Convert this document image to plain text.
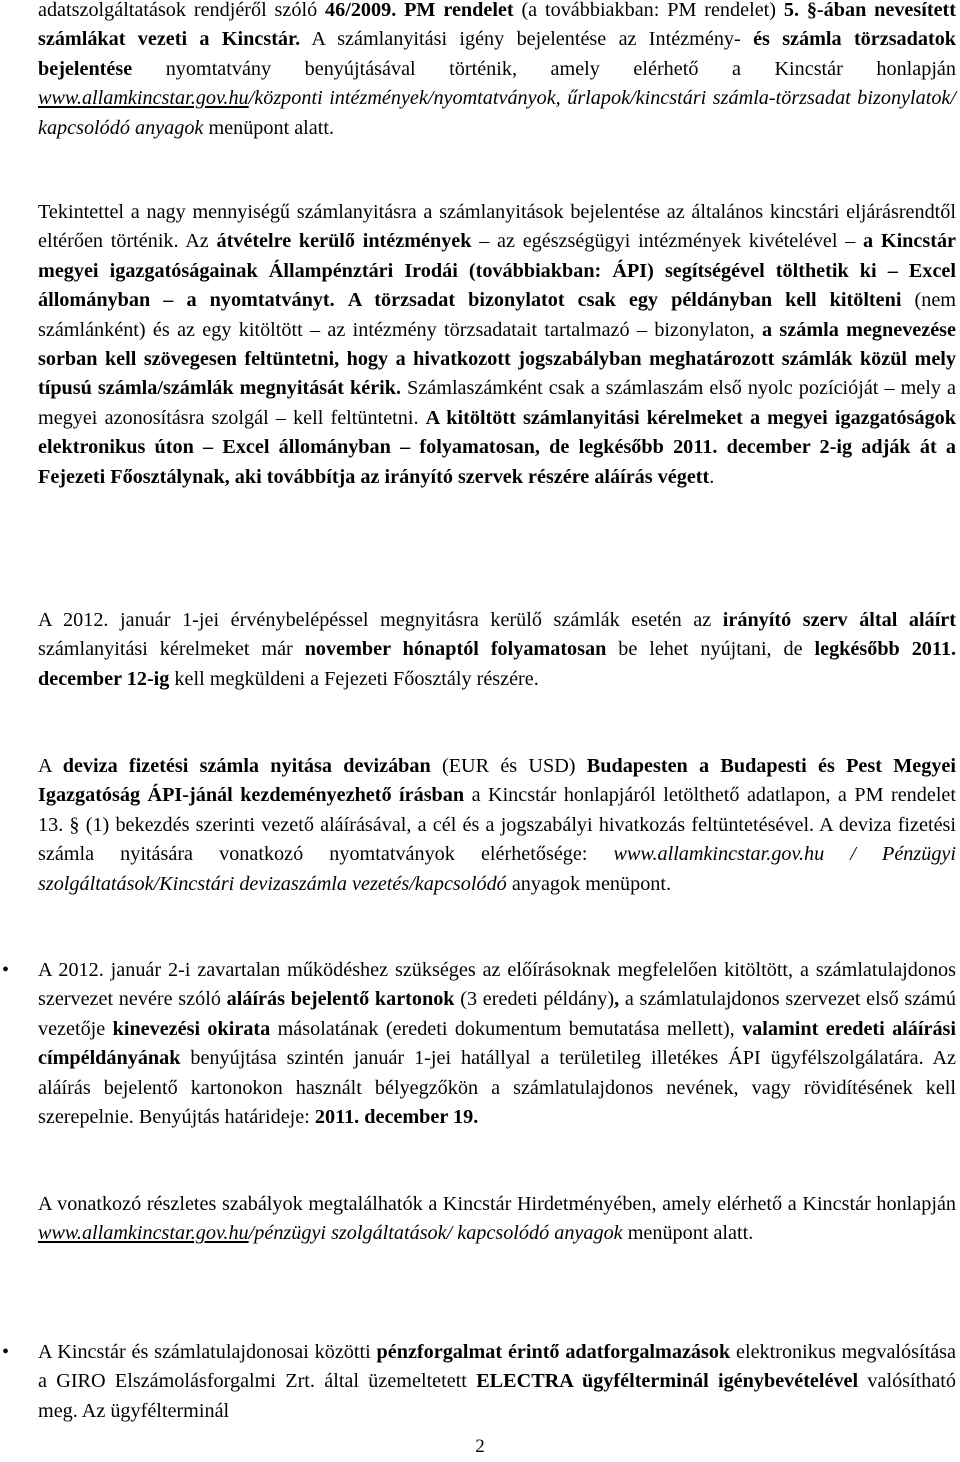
adatszolgáltatások rendjéről szóló 46/2009. PM rendelet (a továbbiakban: PM rendelet) 5. §-ában nevesített számlákat vezeti a Kincstár. A számlanyitási igény bejelentése az Intézmény- és számla törzsadatok bejelentése nyomtatvány benyújtásával történik, amely elérhető a Kincstár honlapján www.allamkincstar.gov.hu/központi intézmények/nyomtatványok, űrlapok/kincstári számla-törzsadat bizonylatok/ kapcsolódó anyagok menüpont alatt.

Tekintettel a nagy mennyiségű számlanyitásra a számlanyitások bejelentése az általános kincstári eljárásrendtől eltérően történik. Az átvételre kerülő intézmények – az egészségügyi intézmények kivételével – a Kincstár megyei igazgatóságainak Állampénztári Irodái (továbbiakban: ÁPI) segítségével tölthetik ki – Excel állományban – a nyomtatványt. A törzsadat bizonylatot csak egy példányban kell kitölteni (nem számlánként) és az egy kitöltött – az intézmény törzsadatait tartalmazó – bizonylaton, a számla megnevezése sorban kell szövegesen feltüntetni, hogy a hivatkozott jogszabályban meghatározott számlák közül mely típusú számla/számlák megnyitását kérik. Számlaszámként csak a számlaszám első nyolc pozícióját – mely a megyei azonosításra szolgál – kell feltüntetni. A kitöltött számlanyitási kérelmeket a megyei igazgatóságok elektronikus úton – Excel állományban – folyamatosan, de legkésőbb 2011. december 2-ig adják át a Fejezeti Főosztálynak, aki továbbítja az irányító szervek részére aláírás végett.

A 2012. január 1-jei érvénybelépéssel megnyitásra kerülő számlák esetén az irányító szerv által aláírt számlanyitási kérelmeket már november hónaptól folyamatosan be lehet nyújtani, de legkésőbb 2011. december 12-ig kell megküldeni a Fejezeti Főosztály részére.

A deviza fizetési számla nyitása devizában (EUR és USD) Budapesten a Budapesti és Pest Megyei Igazgatóság ÁPI-jánál kezdeményezhető írásban a Kincstár honlapjáról letölthető adatlapon, a PM rendelet 13. § (1) bekezdés szerinti vezető aláírásával, a cél és a jogszabályi hivatkozás feltüntetésével. A deviza fizetési számla nyitására vonatkozó nyomtatványok elérhetősége: www.allamkincstar.gov.hu / Pénzügyi szolgáltatások/Kincstári devizaszámla vezetés/kapcsolódó anyagok menüpont.

• A 2012. január 2-i zavartalan működéshez szükséges az előírásoknak megfelelően kitöltött, a számlatulajdonos szervezet nevére szóló aláírás bejelentő kartonok (3 eredeti példány), a számlatulajdonos szervezet első számú vezetője kinevezési okirata másolatának (eredeti dokumentum bemutatása mellett), valamint eredeti aláírási címpéldányának benyújtása szintén január 1-jei hatállyal a területileg illetékes ÁPI ügyfélszolgálatára. Az aláírás bejelentő kartonokon használt bélyegzőkön a számlatulajdonos nevének, vagy rövidítésének kell szerepelnie. Benyújtás határideje: 2011. december 19.

A vonatkozó részletes szabályok megtalálhatók a Kincstár Hirdetményében, amely elérhető a Kincstár honlapján www.allamkincstar.gov.hu/pénzügyi szolgáltatások/ kapcsolódó anyagok menüpont alatt.

• A Kincstár és számlatulajdonosai közötti pénzforgalmat érintő adatforgalmazások elektronikus megvalósítása a GIRO Elszámolásforgalmi Zrt. által üzemeltetett ELECTRA ügyfélterminál igénybevételével valósítható meg. Az ügyfélterminál

2
